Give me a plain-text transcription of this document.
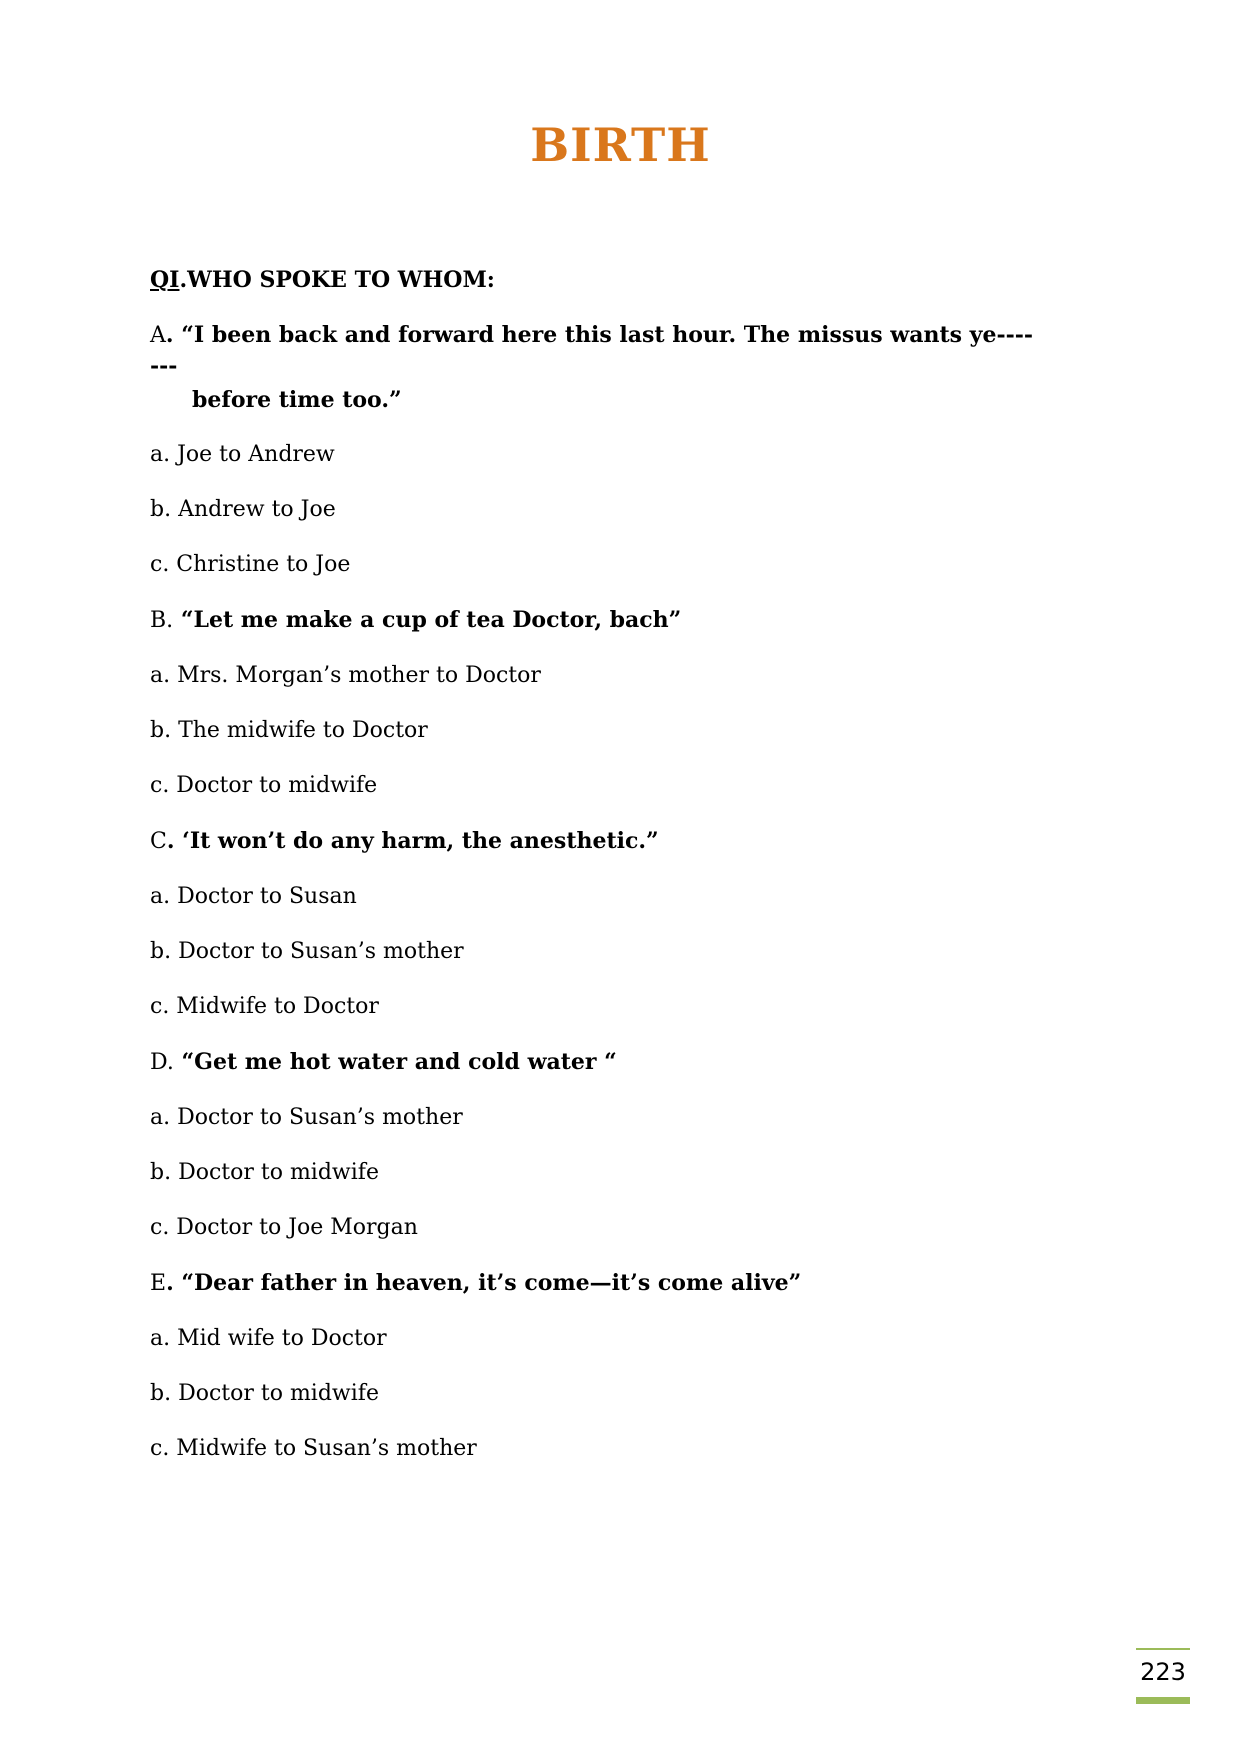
BIRTH
QI.WHO SPOKE TO WHOM:
A. “I been back and forward here this last hour. The missus wants ye----
---
before time too.”
a. Joe to Andrew
b. Andrew to Joe
c. Christine to Joe
B. “Let me make a cup of tea Doctor, bach”
a. Mrs. Morgan’s mother to Doctor
b. The midwife to Doctor
c. Doctor to midwife
C. ‘It won’t do any harm, the anesthetic.”
a. Doctor to Susan
b. Doctor to Susan’s mother
c. Midwife to Doctor
D. “Get me hot water and cold water “
a. Doctor to Susan’s mother
b. Doctor to midwife
c. Doctor to Joe Morgan
E. “Dear father in heaven, it’s come—it’s come alive”
a. Mid wife to Doctor
b. Doctor to midwife
c. Midwife to Susan’s mother
223
